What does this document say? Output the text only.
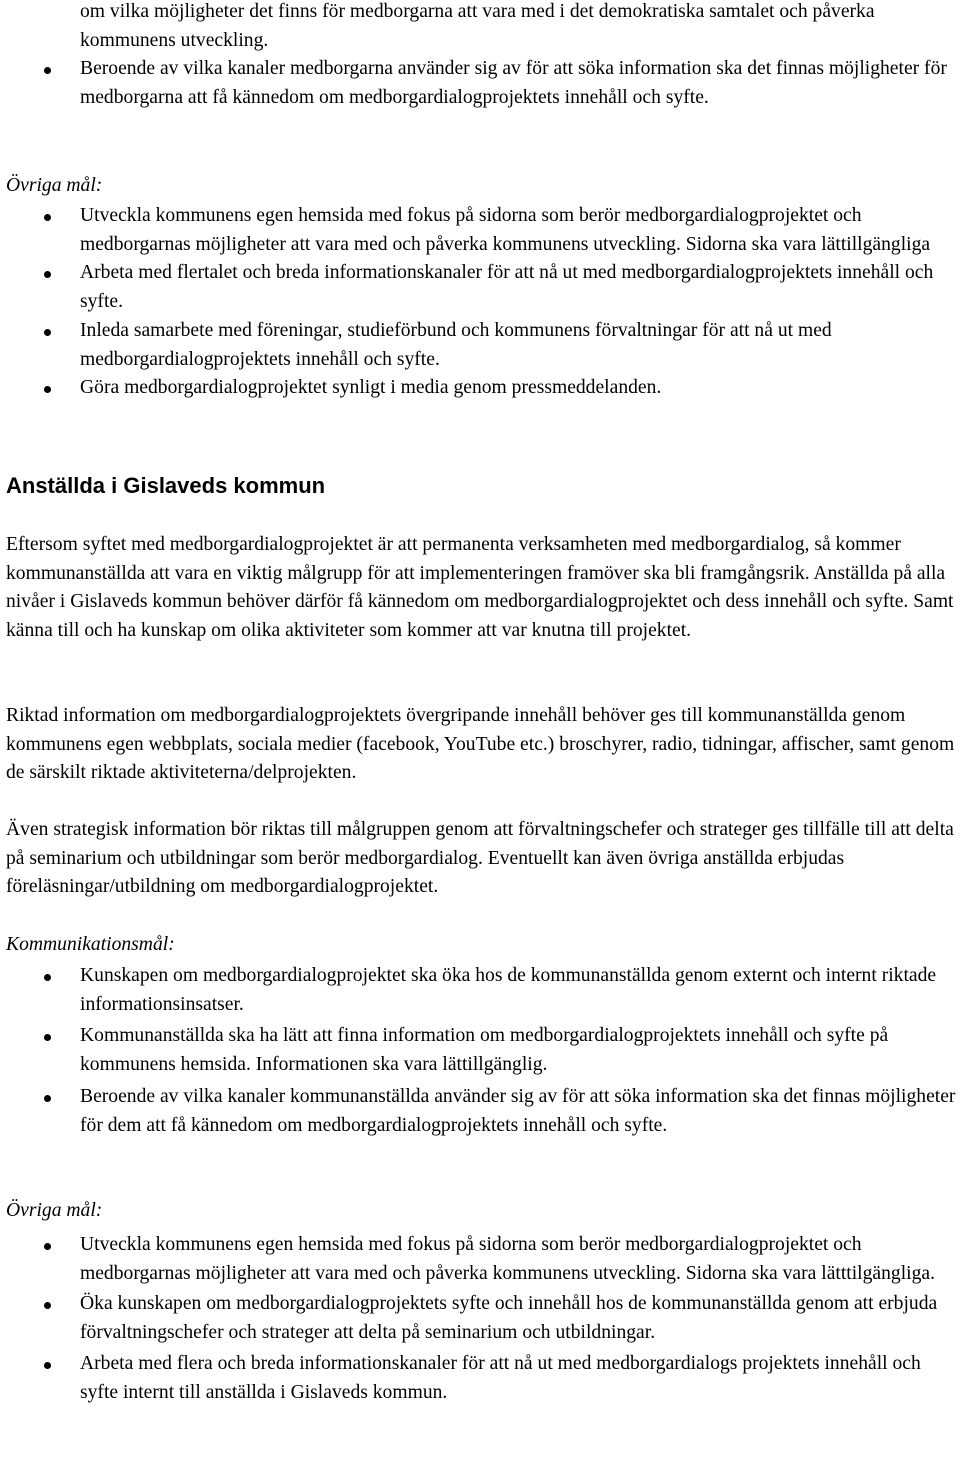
om vilka möjligheter det finns för medborgarna att vara med i det demokratiska samtalet och påverka kommunens utveckling.
Beroende av vilka kanaler medborgarna använder sig av för att söka information ska det finnas möjligheter för medborgarna att få kännedom om medborgardialogprojektets innehåll och syfte.

Övriga mål:

Utveckla kommunens egen hemsida med fokus på sidorna som berör medborgardialogprojektet och medborgarnas möjligheter att vara med och påverka kommunens utveckling. Sidorna ska vara lättillgängliga
Arbeta med flertalet och breda informationskanaler för att nå ut med medborgardialogprojektets innehåll och syfte.
Inleda samarbete med föreningar, studieförbund och kommunens förvaltningar för att nå ut med medborgardialogprojektets innehåll och syfte.
Göra medborgardialogprojektet synligt i media genom pressmeddelanden.
Anställda i Gislaveds kommun

Eftersom syftet med medborgardialogprojektet är att permanenta verksamheten med medborgardialog, så kommer kommunanställda att vara en viktig målgrupp för att implementeringen framöver ska bli framgångsrik. Anställda på alla nivåer i Gislaveds kommun behöver därför få kännedom om medborgardialogprojektet och dess innehåll och syfte. Samt känna till och ha kunskap om olika aktiviteter som kommer att var knutna till projektet.

Riktad information om medborgardialogprojektets övergripande innehåll behöver ges till kommunanställda genom kommunens egen webbplats, sociala medier (facebook, YouTube etc.) broschyrer, radio, tidningar, affischer, samt genom de särskilt riktade aktiviteterna/delprojekten.

Även strategisk information bör riktas till målgruppen genom att förvaltningschefer och strateger ges tillfälle till att delta på seminarium och utbildningar som berör medborgardialog. Eventuellt kan även övriga anställda erbjudas föreläsningar/utbildning om medborgardialogprojektet.

Kommunikationsmål:

Kunskapen om medborgardialogprojektet ska öka hos de kommunanställda genom externt och internt riktade informationsinsatser.
Kommunanställda ska ha lätt att finna information om medborgardialogprojektets innehåll och syfte på kommunens hemsida. Informationen ska vara lättillgänglig.
Beroende av vilka kanaler kommunanställda använder sig av för att söka information ska det finnas möjligheter för dem att få kännedom om medborgardialogprojektets innehåll och syfte.

Övriga mål:

Utveckla kommunens egen hemsida med fokus på sidorna som berör medborgardialogprojektet och medborgarnas möjligheter att vara med och påverka kommunens utveckling. Sidorna ska vara lätttilgängliga.
Öka kunskapen om medborgardialogprojektets syfte och innehåll hos de kommunanställda genom att erbjuda förvaltningschefer och strateger att delta på seminarium och utbildningar.
Arbeta med flera och breda informationskanaler för att nå ut med medborgardialogs projektets innehåll och syfte internt till anställda i Gislaveds kommun.
